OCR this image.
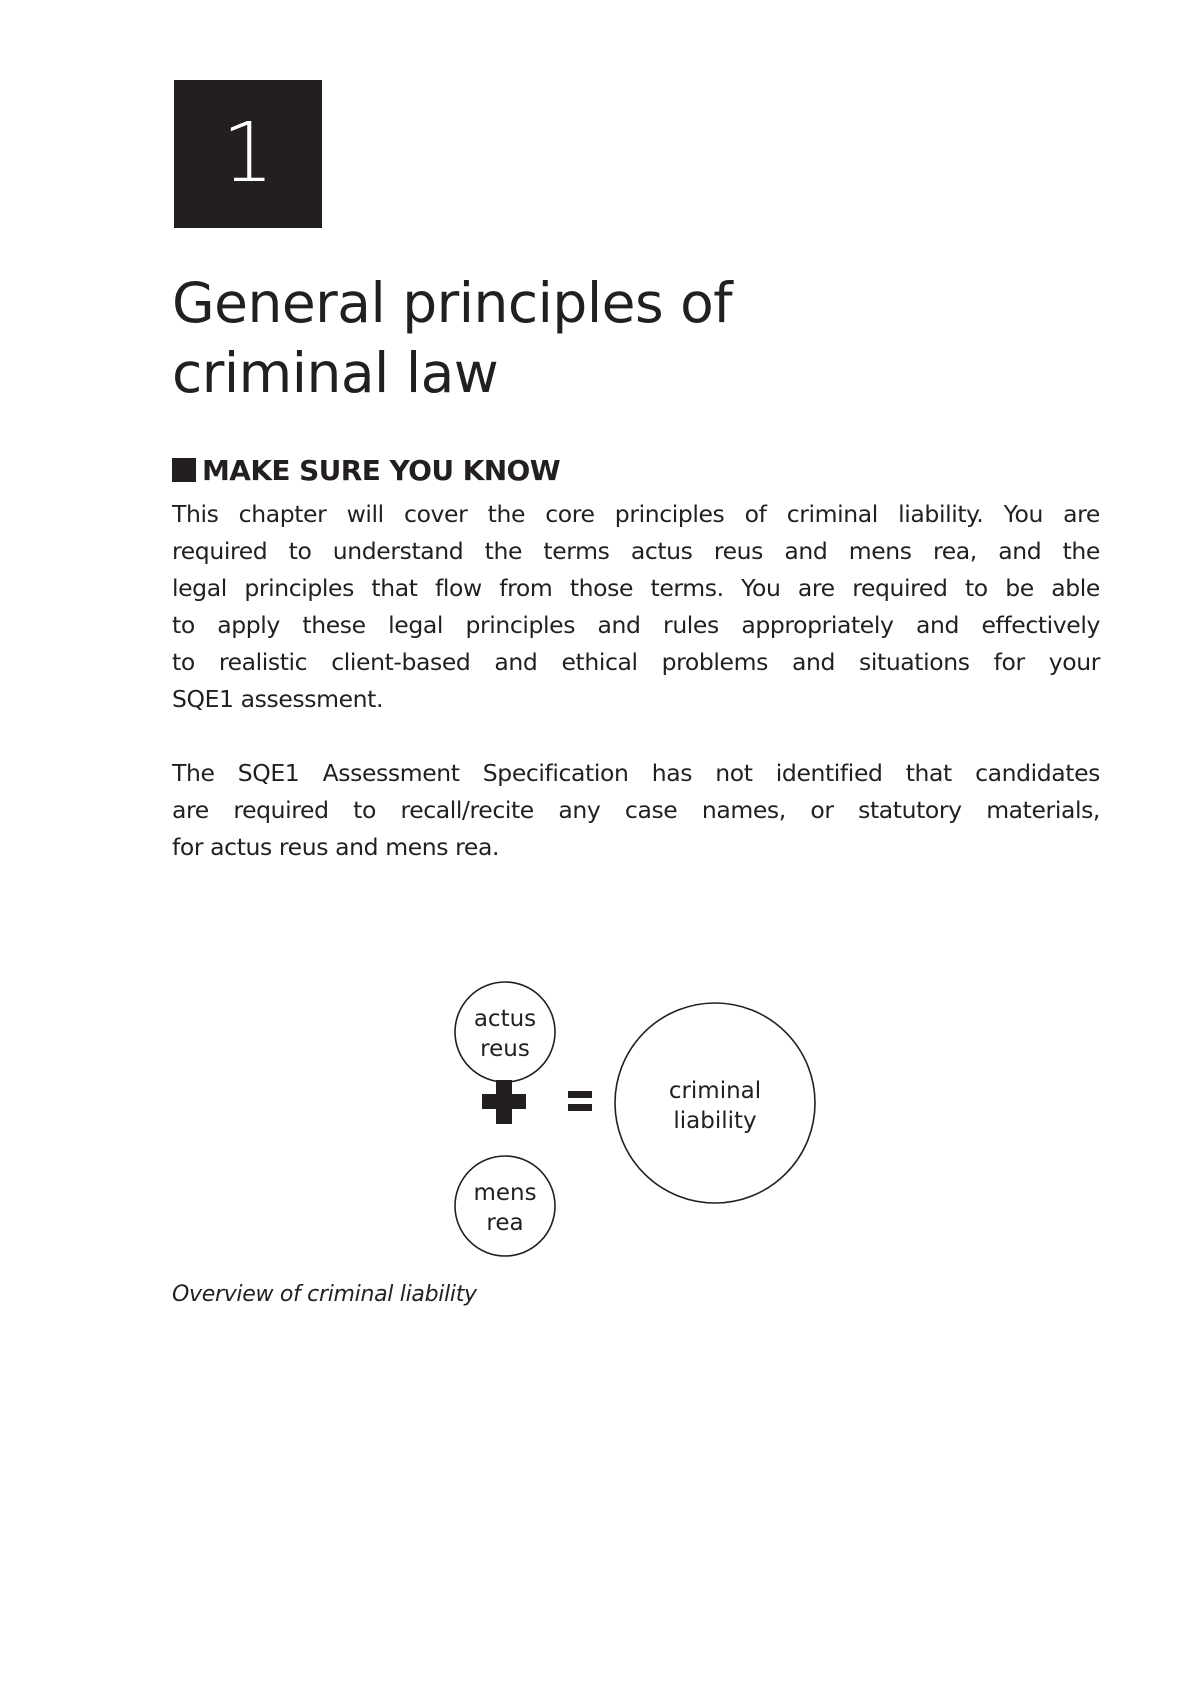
1
General principles of
criminal law
MAKE SURE YOU KNOW

This chapter will cover the core principles of criminal liability. You are
required to understand the terms actus reus and mens rea, and the
legal principles that flow from those terms. You are required to be able
to apply these legal principles and rules appropriately and effectively
to realistic client-based and ethical problems and situations for your
SQE1 assessment.

The SQE1 Assessment Specification has not identified that candidates
are required to recall/recite any case names, or statutory materials,
for actus reus and mens rea.

actus
reus
mens
rea
criminal
liability

Overview of criminal liability
